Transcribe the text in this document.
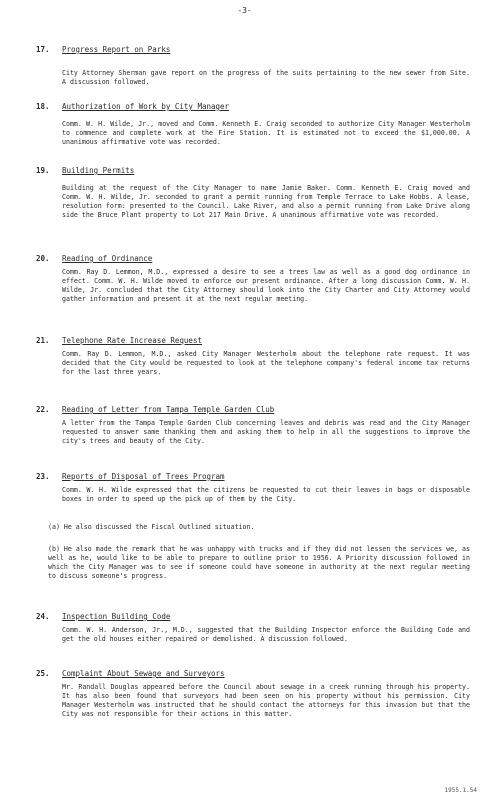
-3-
17. Progress Report on Parks
City Attorney Sherman gave report on the progress of the suits pertaining to the new sewer from Site. A discussion followed.
18. Authorization of Work by City Manager
Comm. W. H. Wilde, Jr., moved and Comm. Kenneth E. Craig seconded to authorize City Manager Westerholm to commence and complete work at the Fire Station. It is estimated not to exceed the $1,000.00. A unanimous affirmative vote was recorded.
19. Building Permits
Building at the request of the City Manager to name Jamie Baker. Comm. Kenneth E. Craig moved and Comm. W. H. Wilde, Jr. seconded to grant a permit running from Temple Terrace to Lake Hobbs. A lease, resolution form: presented to the Council. Lake River, and also a permit running from Lake Drive along side the Bruce Plant property to Lot 217 Main Drive. A unanimous affirmative vote was recorded.
20. Reading of Ordinance
Comm. Ray D. Lemmon, M.D., expressed a desire to see a trees law as well as a good dog ordinance in effect. Comm. W. H. Wilde moved to enforce our present ordinance. After a long discussion Comm. W. H. Wilde, Jr. concluded that the City Attorney should look into the City Charter and City Attorney would gather information and present it at the next regular meeting.
21. Telephone Rate Increase Request
Comm. Ray D. Lemmon, M.D., asked City Manager Westerholm about the telephone rate request. It was decided that the City would be requested to look at the telephone company's federal income tax returns for the last three years.
22. Reading of Letter from Tampa Temple Garden Club
A letter from the Tampa Temple Garden Club concerning leaves and debris was read and the City Manager requested to answer same thanking them and asking them to help in all the suggestions to improve the city's trees and beauty of the City.
23. Reports of Disposal of Trees Program
Comm. W. H. Wilde expressed that the citizens be requested to cut their leaves in bags or disposable boxes in order to speed up the pick up of them by the City.
(a) He also discussed the Fiscal Outlined situation.
(b) He also made the remark that he was unhappy with trucks and if they did not lessen the services we, as well as he, would like to be able to prepare to outline prior to 1956. A Priority discussion followed in which the City Manager was to see if someone could have someone in authority at the next regular meeting to discuss someone's progress.
24. Inspection Building Code
Comm. W. H. Anderson, Jr., M.D., suggested that the Building Inspector enforce the Building Code and get the old houses either repaired or demolished. A discussion followed.
25. Complaint About Sewage and Surveyors
Mr. Randall Douglas appeared before the Council about sewage in a creek running through his property. It has also been found that surveyors had been seen on his property without his permission. City Manager Westerholm was instructed that he should contact the attorneys for this invasion but that the City was not responsible for their actions in this matter.
1955.1.54
